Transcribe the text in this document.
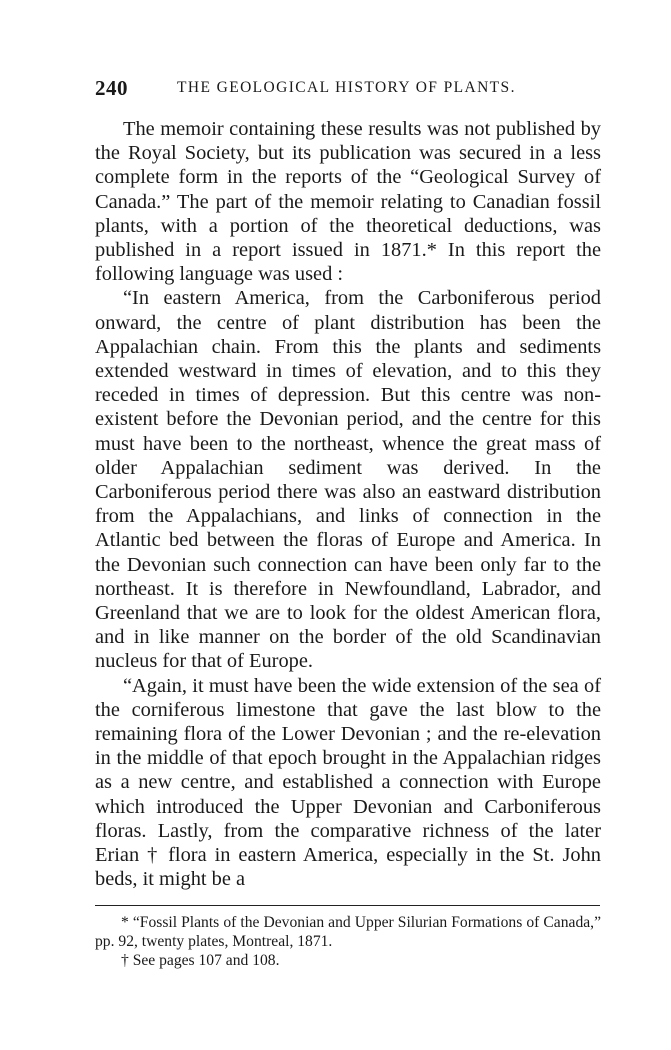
240	THE GEOLOGICAL HISTORY OF PLANTS.

The memoir containing these results was not published by the Royal Society, but its publication was secured in a less complete form in the reports of the “Geological Survey of Canada.” The part of the memoir relating to Canadian fossil plants, with a portion of the theoretical deductions, was published in a report issued in 1871.* In this report the following language was used :

“In eastern America, from the Carboniferous period onward, the centre of plant distribution has been the Appalachian chain. From this the plants and sediments extended westward in times of elevation, and to this they receded in times of depression. But this centre was non-existent before the Devonian period, and the centre for this must have been to the northeast, whence the great mass of older Appalachian sediment was derived. In the Carboniferous period there was also an eastward distribution from the Appalachians, and links of connection in the Atlantic bed between the floras of Europe and America. In the Devonian such connection can have been only far to the northeast. It is therefore in Newfoundland, Labrador, and Greenland that we are to look for the oldest American flora, and in like manner on the border of the old Scandinavian nucleus for that of Europe.

“Again, it must have been the wide extension of the sea of the corniferous limestone that gave the last blow to the remaining flora of the Lower Devonian ; and the re-elevation in the middle of that epoch brought in the Appalachian ridges as a new centre, and established a connection with Europe which introduced the Upper Devonian and Carboniferous floras. Lastly, from the comparative richness of the later Erian † flora in eastern America, especially in the St. John beds, it might be a

* “Fossil Plants of the Devonian and Upper Silurian Formations of Canada,” pp. 92, twenty plates, Montreal, 1871.

† See pages 107 and 108.
